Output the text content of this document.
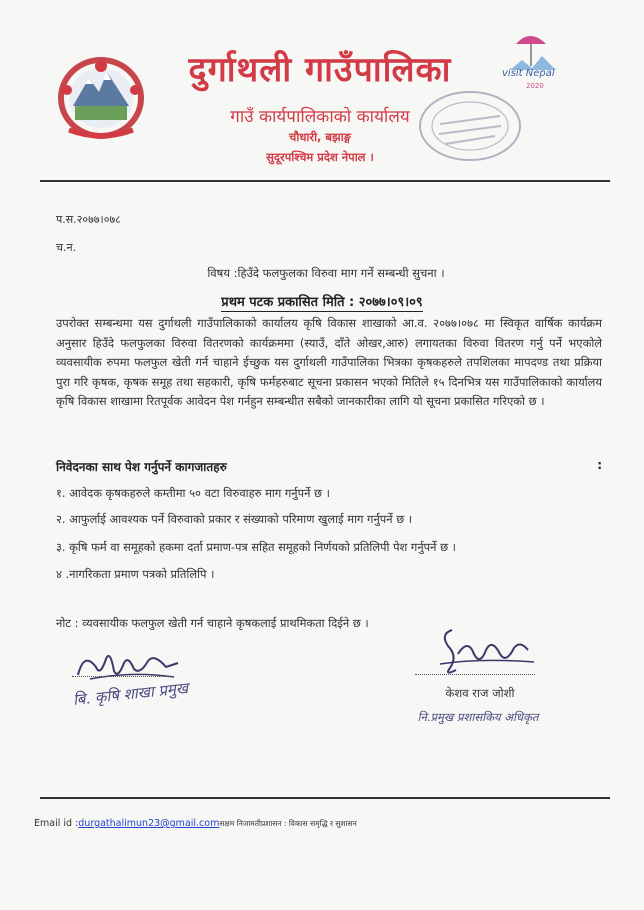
दुर्गाथली गाउँपालिका

गाउँ कार्यपालिकाको कार्यालय

चौधारी, बझाङ्ग

सुदूरपश्चिम प्रदेश नेपाल ।

visit Nepal
2020
प.स.२०७७।०७८
च.न.
विषय :हिउँदे फलफुलका विरुवा माग गर्ने सम्बन्धी सुचना ।
प्रथम पटक प्रकासित मिति : २०७७।०९।०९

उपरोक्त सम्बन्धमा यस दुर्गाथली गाउँपालिकाको कार्यालय कृषि विकास शाखाको आ.व. २०७७।०७८ मा स्विकृत वार्षिक कार्यक्रम अनुसार हिउँदे फलफुलका विरुवा वितरणको कार्यक्रममा (स्याउँ, दाँते ओखर,आरु) लगायतका विरुवा वितरण गर्नु पर्ने भएकोले व्यवसायीक रुपमा फलफुल खेती गर्न चाहाने ईच्छुक यस दुर्गाथली गाउँपालिका भित्रका कृषकहरुले तपशिलका मापदण्ड तथा प्रक्रिया पुरा गरि कृषक, कृषक समूह तथा सहकारी, कृषि फर्महरुबाट सूचना प्रकासन भएको मितिले १५ दिनभित्र यस गाउँपालिकाको कार्यालय कृषि विकास शाखामा रितपूर्वक आवेदन पेश गर्नहुन सम्बन्धीत सबैको जानकारीका लागि यो सूचना प्रकासित गरिएको छ ।

निवेदनका साथ पेश गर्नुपर्ने कागजातहरु	:
१. आवेदक कृषकहरुले कम्तीमा ५० वटा विरुवाहरु माग गर्नुपर्ने छ ।
२. आफुर्लाई आवश्यक पर्ने विरुवाको प्रकार र संख्याको परिमाण खुलाई माग गर्नुपर्ने छ ।
३. कृषि फर्म वा समूहको हकमा दर्ता प्रमाण-पत्र सहित समूहको निर्णयको प्रतिलिपी पेश गर्नुपर्ने छ ।
४ .नागरिकता प्रमाण पत्रको प्रतिलिपि ।
नोट : व्यवसायीक फलफुल खेती गर्न चाहाने कृषकलाई प्राथमिकता दिईने छ ।
बि. कृषि शाखा प्रमुख	केशव राज जोशी
नि.प्रमुख प्रशासकिय अधिकृत
Email id :durgathalimun23@gmail.comसक्षम निजामतीप्रशासन : विकास समृद्धि र सुशासन
